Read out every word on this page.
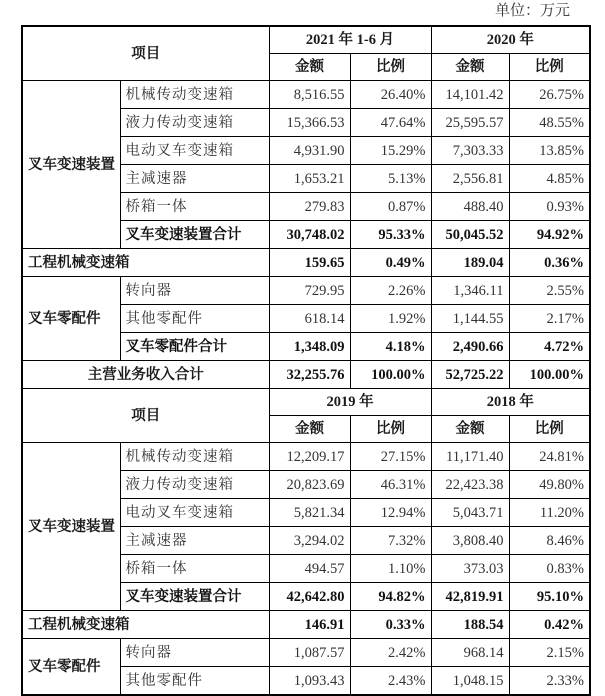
单位：万元
项目		2021 年 1-6 月		2020 年	
		金额	比例	金额	比例
叉车变速装置	机械传动变速箱	8,516.55	26.40%	14,101.42	26.75%
	液力传动变速箱	15,366.53	47.64%	25,595.57	48.55%
	电动叉车变速箱	4,931.90	15.29%	7,303.33	13.85%
	主减速器	1,653.21	5.13%	2,556.81	4.85%
	桥箱一体	279.83	0.87%	488.40	0.93%
	叉车变速装置合计	30,748.02	95.33%	50,045.52	94.92%
工程机械变速箱		159.65	0.49%	189.04	0.36%
叉车零配件	转向器	729.95	2.26%	1,346.11	2.55%
	其他零配件	618.14	1.92%	1,144.55	2.17%
	叉车零配件合计	1,348.09	4.18%	2,490.66	4.72%
主营业务收入合计		32,255.76	100.00%	52,725.22	100.00%
项目		2019 年		2018 年	
		金额	比例	金额	比例
叉车变速装置	机械传动变速箱	12,209.17	27.15%	11,171.40	24.81%
	液力传动变速箱	20,823.69	46.31%	22,423.38	49.80%
	电动叉车变速箱	5,821.34	12.94%	5,043.71	11.20%
	主减速器	3,294.02	7.32%	3,808.40	8.46%
	桥箱一体	494.57	1.10%	373.03	0.83%
	叉车变速装置合计	42,642.80	94.82%	42,819.91	95.10%
工程机械变速箱		146.91	0.33%	188.54	0.42%
叉车零配件	转向器	1,087.57	2.42%	968.14	2.15%
	其他零配件	1,093.43	2.43%	1,048.15	2.33%
